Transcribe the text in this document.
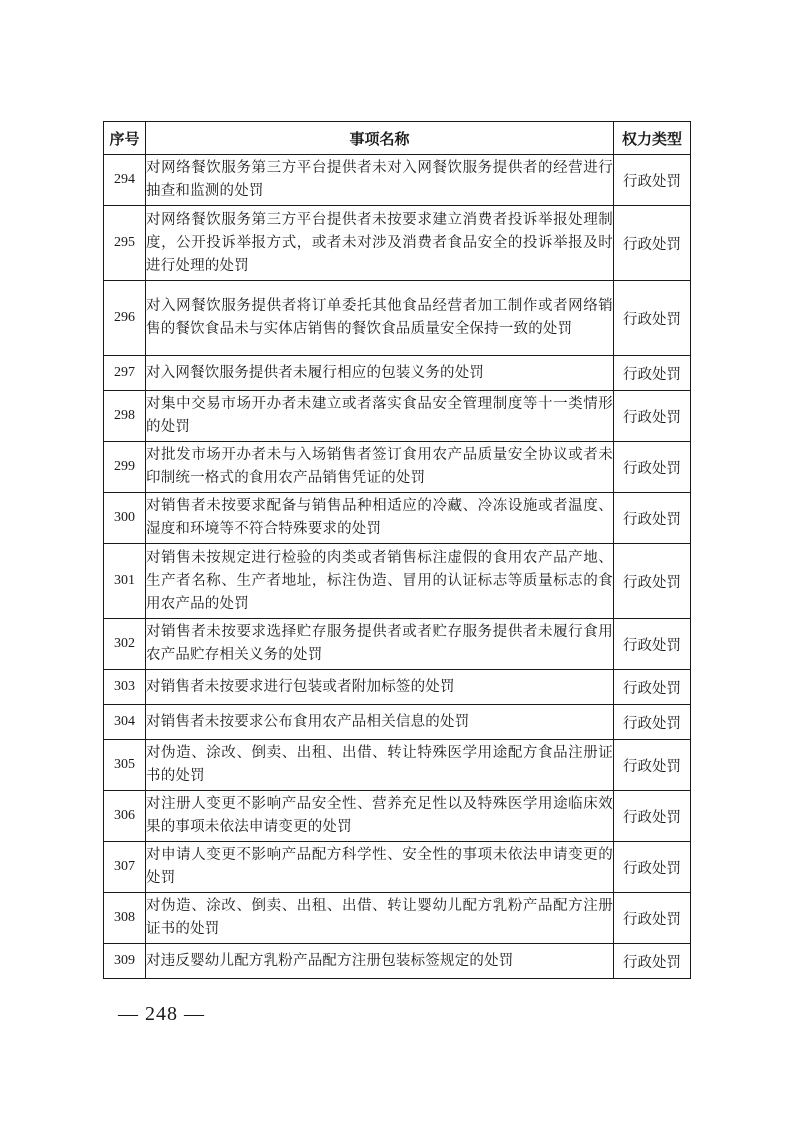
序号	事项名称	权力类型
294	对网络餐饮服务第三方平台提供者未对入网餐饮服务提供者的经营进行抽查和监测的处罚	行政处罚
295	对网络餐饮服务第三方平台提供者未按要求建立消费者投诉举报处理制度，公开投诉举报方式，或者未对涉及消费者食品安全的投诉举报及时进行处理的处罚	行政处罚
296	对入网餐饮服务提供者将订单委托其他食品经营者加工制作或者网络销售的餐饮食品未与实体店销售的餐饮食品质量安全保持一致的处罚	行政处罚
297	对入网餐饮服务提供者未履行相应的包装义务的处罚	行政处罚
298	对集中交易市场开办者未建立或者落实食品安全管理制度等十一类情形的处罚	行政处罚
299	对批发市场开办者未与入场销售者签订食用农产品质量安全协议或者未印制统一格式的食用农产品销售凭证的处罚	行政处罚
300	对销售者未按要求配备与销售品种相适应的冷藏、冷冻设施或者温度、湿度和环境等不符合特殊要求的处罚	行政处罚
301	对销售未按规定进行检验的肉类或者销售标注虚假的食用农产品产地、生产者名称、生产者地址，标注伪造、冒用的认证标志等质量标志的食用农产品的处罚	行政处罚
302	对销售者未按要求选择贮存服务提供者或者贮存服务提供者未履行食用农产品贮存相关义务的处罚	行政处罚
303	对销售者未按要求进行包装或者附加标签的处罚	行政处罚
304	对销售者未按要求公布食用农产品相关信息的处罚	行政处罚
305	对伪造、涂改、倒卖、出租、出借、转让特殊医学用途配方食品注册证书的处罚	行政处罚
306	对注册人变更不影响产品安全性、营养充足性以及特殊医学用途临床效果的事项未依法申请变更的处罚	行政处罚
307	对申请人变更不影响产品配方科学性、安全性的事项未依法申请变更的处罚	行政处罚
308	对伪造、涂改、倒卖、出租、出借、转让婴幼儿配方乳粉产品配方注册证书的处罚	行政处罚
309	对违反婴幼儿配方乳粉产品配方注册包装标签规定的处罚	行政处罚
— 248 —
